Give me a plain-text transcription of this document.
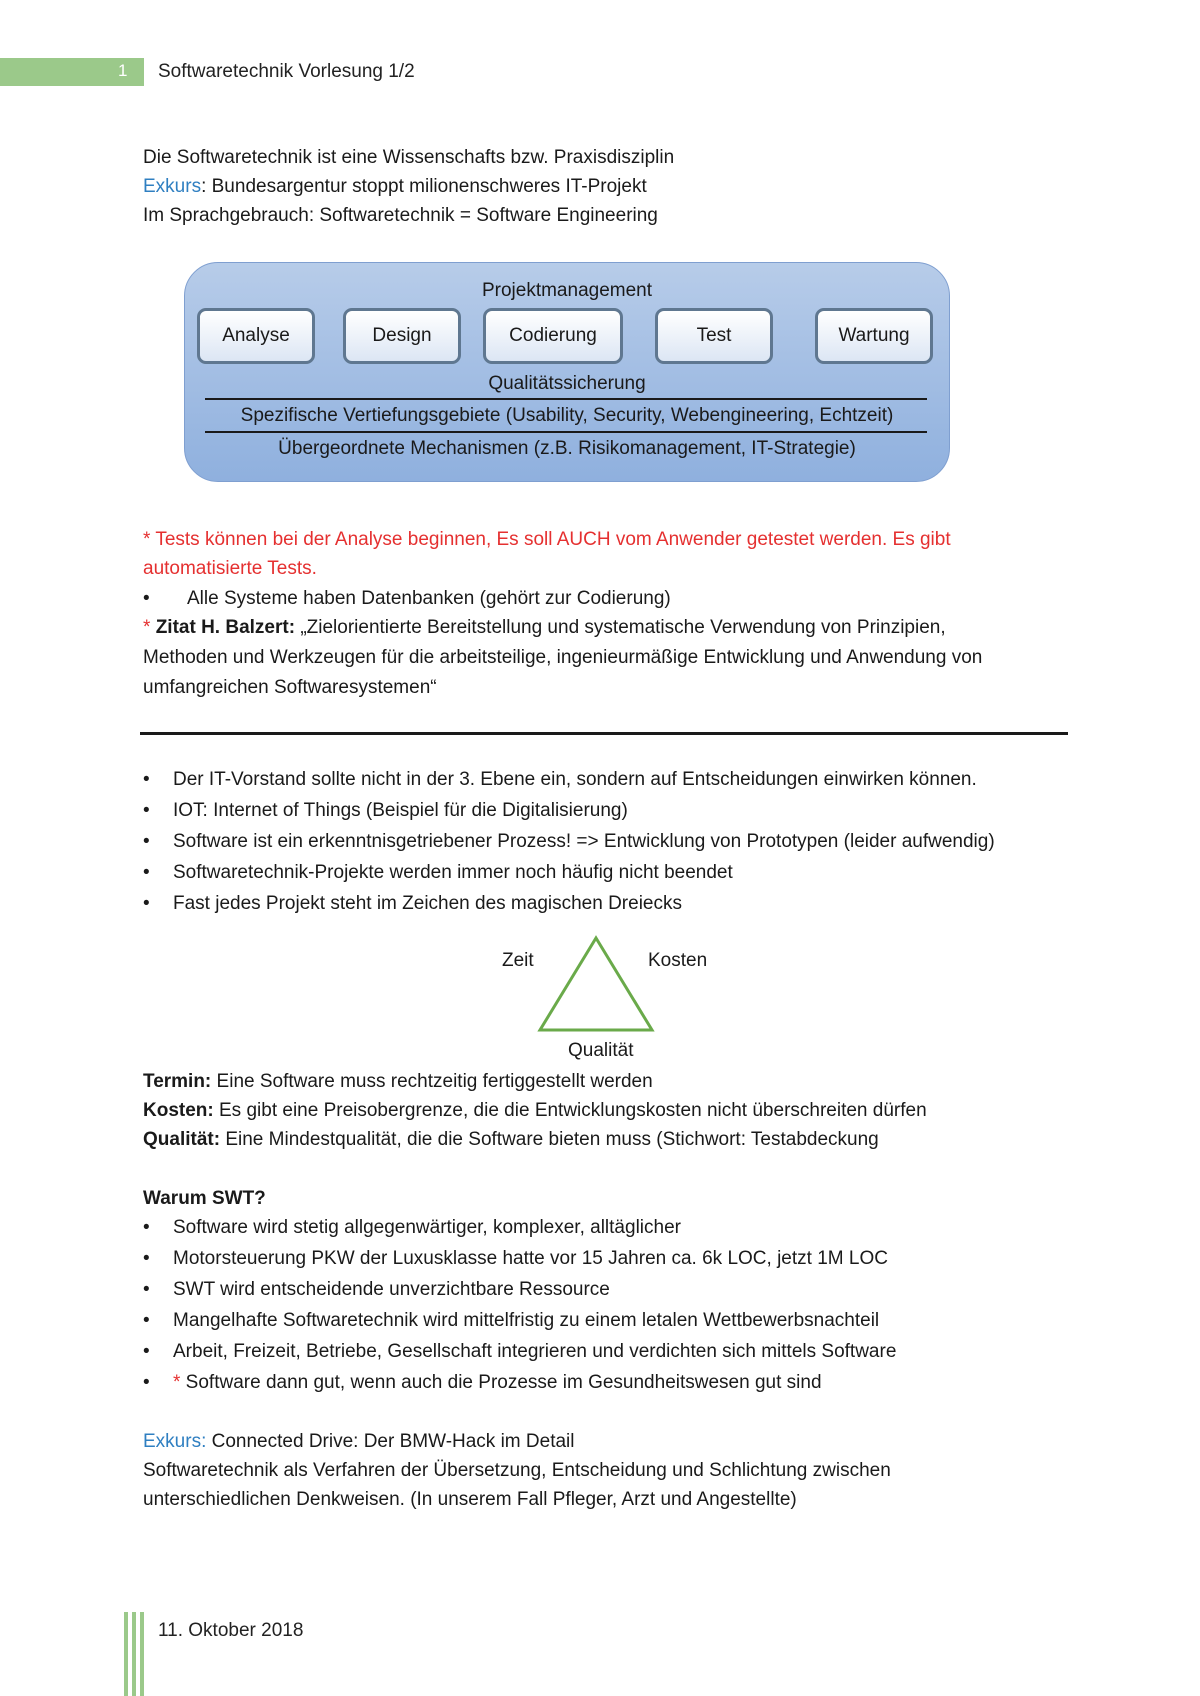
1 Softwaretechnik Vorlesung 1/2
Die Softwaretechnik ist eine Wissenschafts bzw. Praxisdisziplin
Exkurs: Bundesargentur stoppt milionenschweres IT-Projekt
Im Sprachgebrauch: Softwaretechnik = Software Engineering
Projektmanagement
Analyse	Design	Codierung	Test	Wartung
Qualitätssicherung
Spezifische Vertiefungsgebiete (Usability, Security, Webengineering, Echtzeit)
Übergeordnete Mechanismen (z.B. Risikomanagement, IT-Strategie)
* Tests können bei der Analyse beginnen, Es soll AUCH vom Anwender getestet werden. Es gibt
automatisierte Tests.
• Alle Systeme haben Datenbanken (gehört zur Codierung)
* Zitat H. Balzert: „Zielorientierte Bereitstellung und systematische Verwendung von Prinzipien,
Methoden und Werkzeugen für die arbeitsteilige, ingenieurmäßige Entwicklung und Anwendung von
umfangreichen Softwaresystemen“
• Der IT-Vorstand sollte nicht in der 3. Ebene ein, sondern auf Entscheidungen einwirken können.
• IOT: Internet of Things (Beispiel für die Digitalisierung)
• Software ist ein erkenntnisgetriebener Prozess! => Entwicklung von Prototypen (leider aufwendig)
• Softwaretechnik-Projekte werden immer noch häufig nicht beendet
• Fast jedes Projekt steht im Zeichen des magischen Dreiecks
Zeit	Kosten
Qualität
Termin: Eine Software muss rechtzeitig fertiggestellt werden
Kosten: Es gibt eine Preisobergrenze, die die Entwicklungskosten nicht überschreiten dürfen
Qualität: Eine Mindestqualität, die die Software bieten muss (Stichwort: Testabdeckung
Warum SWT?
• Software wird stetig allgegenwärtiger, komplexer, alltäglicher
• Motorsteuerung PKW der Luxusklasse hatte vor 15 Jahren ca. 6k LOC, jetzt 1M LOC
• SWT wird entscheidende unverzichtbare Ressource
• Mangelhafte Softwaretechnik wird mittelfristig zu einem letalen Wettbewerbsnachteil
• Arbeit, Freizeit, Betriebe, Gesellschaft integrieren und verdichten sich mittels Software
• * Software dann gut, wenn auch die Prozesse im Gesundheitswesen gut sind
Exkurs: Connected Drive: Der BMW-Hack im Detail
Softwaretechnik als Verfahren der Übersetzung, Entscheidung und Schlichtung zwischen
unterschiedlichen Denkweisen. (In unserem Fall Pfleger, Arzt und Angestellte)
11. Oktober 2018
